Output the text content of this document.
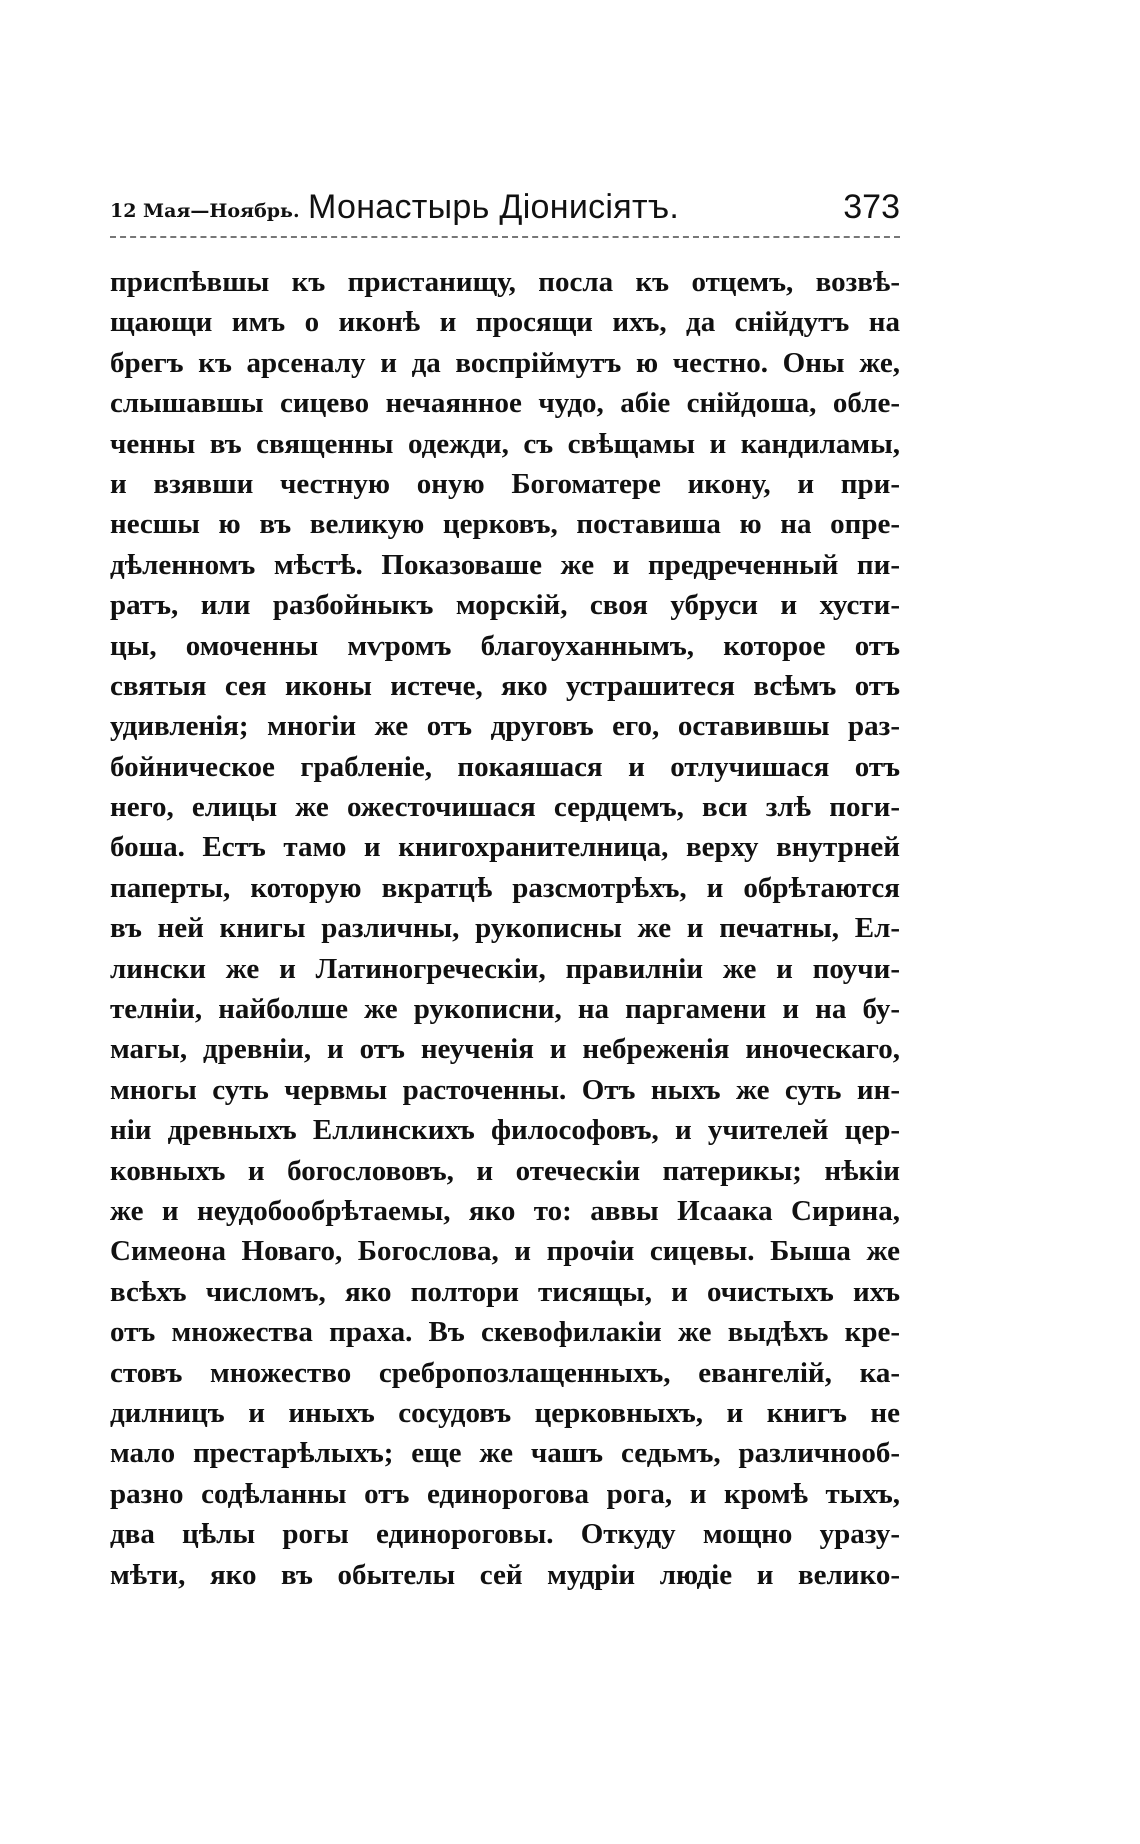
12 Мая—Ноябрь. Монастырь Діонисіятъ.	373
приспѣвшы къ пристанищу, посла къ отцемъ, возвѣ-
щающи имъ о иконѣ и просящи ихъ, да снійдутъ на
брегъ къ арсеналу и да воспріймутъ ю честно. Оны же,
слышавшы сицево нечаянное чудо, абіе снійдоша, обле-
ченны въ священны одежди, съ свѣщамы и кандиламы,
и взявши честную оную Богоматере икону, и при-
несшы ю въ великую церковъ, поставиша ю на опре-
дѣленномъ мѣстѣ. Показоваше же и предреченный пи-
ратъ, или разбойныкъ морскій, своя убруси и хусти-
цы, омоченны мѵромъ благоуханнымъ, которое отъ
святыя сея иконы истече, яко устрашитеся всѣмъ отъ
удивленія; многіи же отъ друговъ его, оставившы раз-
бойническое грабленіе, покаяшася и отлучишася отъ
него, елицы же ожесточишася сердцемъ, вси злѣ поги-
боша. Естъ тамо и книгохранителница, верху внутрней
паперты, которую вкратцѣ разсмотрѣхъ, и обрѣтаются
въ ней книгы различны, рукописны же и печатны, Ел-
лински же и Латиногреческіи, правилніи же и поучи-
телніи, найболше же рукописни, на паргамени и на бу-
магы, древніи, и отъ неученія и небреженія иноческаго,
многы суть червмы расточенны. Отъ ныхъ же суть ин-
ніи древныхъ Еллинскихъ философовъ, и учителей цер-
ковныхъ и богослововъ, и отеческіи патерикы; нѣкіи
же и неудобообрѣтаемы, яко то: аввы Исаака Сирина,
Симеона Новаго, Богослова, и прочіи сицевы. Быша же
всѣхъ числомъ, яко полтори тисящы, и очистыхъ ихъ
отъ множества праха. Въ скевофилакіи же выдѣхъ кре-
стовъ множество сребропозлащенныхъ, евангелій, ка-
дилницъ и иныхъ сосудовъ церковныхъ, и книгъ не
мало престарѣлыхъ; еще же чашъ седьмъ, различнооб-
разно содѣланны отъ единорогова рога, и кромѣ тыхъ,
два цѣлы рогы единороговы. Откуду мощно уразу-
мѣти, яко въ обытелы сей мудріи людіе и велико-
